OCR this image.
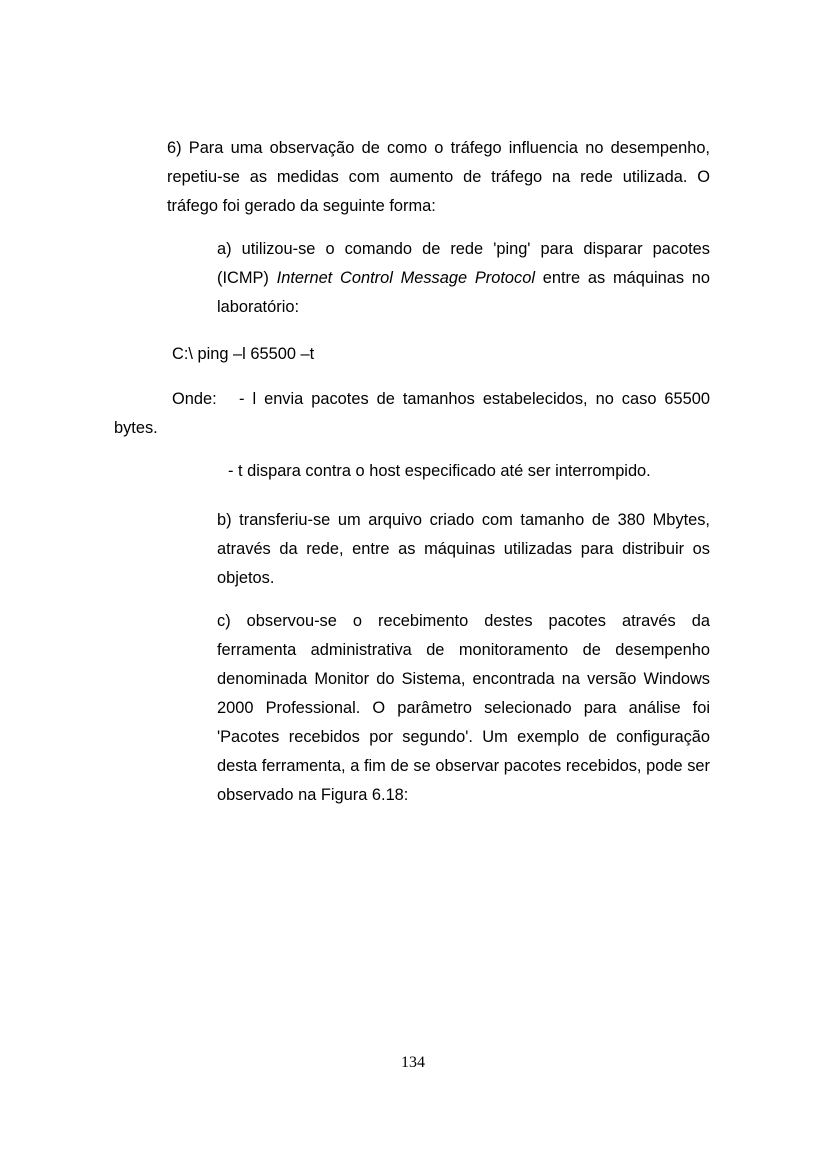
6) Para uma observação de como o tráfego influencia no desempenho, repetiu-se as medidas com aumento de tráfego na rede utilizada. O tráfego foi gerado da seguinte forma:
a) utilizou-se o comando de rede 'ping' para disparar pacotes (ICMP) Internet Control Message Protocol entre as máquinas no laboratório:
C:\ ping –l 65500 –t
Onde: - l envia pacotes de tamanhos estabelecidos, no caso 65500
bytes.
- t dispara contra o host especificado até ser interrompido.
b) transferiu-se um arquivo criado com tamanho de 380 Mbytes, através da rede, entre as máquinas utilizadas para distribuir os objetos.
c) observou-se o recebimento destes pacotes através da ferramenta administrativa de monitoramento de desempenho denominada Monitor do Sistema, encontrada na versão Windows 2000 Professional. O parâmetro selecionado para análise foi 'Pacotes recebidos por segundo'. Um exemplo de configuração desta ferramenta, a fim de se observar pacotes recebidos, pode ser observado na Figura 6.18:
134
